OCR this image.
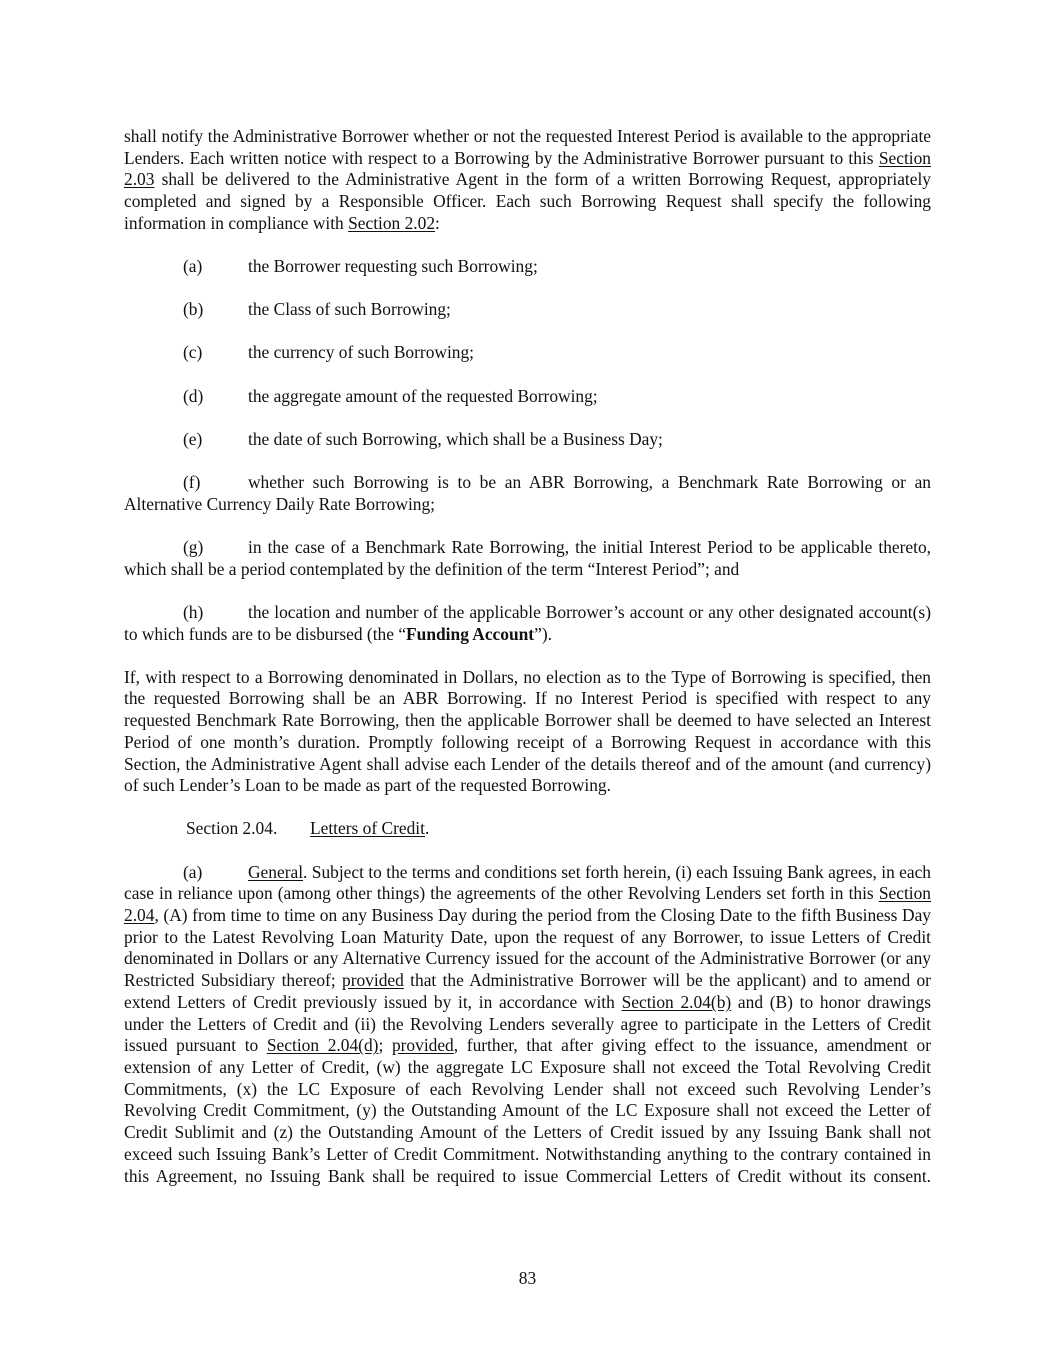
shall notify the Administrative Borrower whether or not the requested Interest Period is available to the appropriate Lenders. Each written notice with respect to a Borrowing by the Administrative Borrower pursuant to this Section 2.03 shall be delivered to the Administrative Agent in the form of a written Borrowing Request, appropriately completed and signed by a Responsible Officer. Each such Borrowing Request shall specify the following information in compliance with Section 2.02:

(a)	the Borrower requesting such Borrowing;
(b)	the Class of such Borrowing;
(c)	the currency of such Borrowing;
(d)	the aggregate amount of the requested Borrowing;
(e)	the date of such Borrowing, which shall be a Business Day;

(f)	whether such Borrowing is to be an ABR Borrowing, a Benchmark Rate Borrowing or an Alternative Currency Daily Rate Borrowing;

(g)	in the case of a Benchmark Rate Borrowing, the initial Interest Period to be applicable thereto, which shall be a period contemplated by the definition of the term “Interest Period”; and

(h)	the location and number of the applicable Borrower’s account or any other designated account(s) to which funds are to be disbursed (the “Funding Account”).

If, with respect to a Borrowing denominated in Dollars, no election as to the Type of Borrowing is specified, then the requested Borrowing shall be an ABR Borrowing. If no Interest Period is specified with respect to any requested Benchmark Rate Borrowing, then the applicable Borrower shall be deemed to have selected an Interest Period of one month’s duration. Promptly following receipt of a Borrowing Request in accordance with this Section, the Administrative Agent shall advise each Lender of the details thereof and of the amount (and currency) of such Lender’s Loan to be made as part of the requested Borrowing.

Section 2.04. Letters of Credit.

(a)	General. Subject to the terms and conditions set forth herein, (i) each Issuing Bank agrees, in each case in reliance upon (among other things) the agreements of the other Revolving Lenders set forth in this Section 2.04, (A) from time to time on any Business Day during the period from the Closing Date to the fifth Business Day prior to the Latest Revolving Loan Maturity Date, upon the request of any Borrower, to issue Letters of Credit denominated in Dollars or any Alternative Currency issued for the account of the Administrative Borrower (or any Restricted Subsidiary thereof; provided that the Administrative Borrower will be the applicant) and to amend or extend Letters of Credit previously issued by it, in accordance with Section 2.04(b) and (B) to honor drawings under the Letters of Credit and (ii) the Revolving Lenders severally agree to participate in the Letters of Credit issued pursuant to Section 2.04(d); provided, further, that after giving effect to the issuance, amendment or extension of any Letter of Credit, (w) the aggregate LC Exposure shall not exceed the Total Revolving Credit Commitments, (x) the LC Exposure of each Revolving Lender shall not exceed such Revolving Lender’s Revolving Credit Commitment, (y) the Outstanding Amount of the LC Exposure shall not exceed the Letter of Credit Sublimit and (z) the Outstanding Amount of the Letters of Credit issued by any Issuing Bank shall not exceed such Issuing Bank’s Letter of Credit Commitment. Notwithstanding anything to the contrary contained in this Agreement, no Issuing Bank shall be required to issue Commercial Letters of Credit without its consent.

83
